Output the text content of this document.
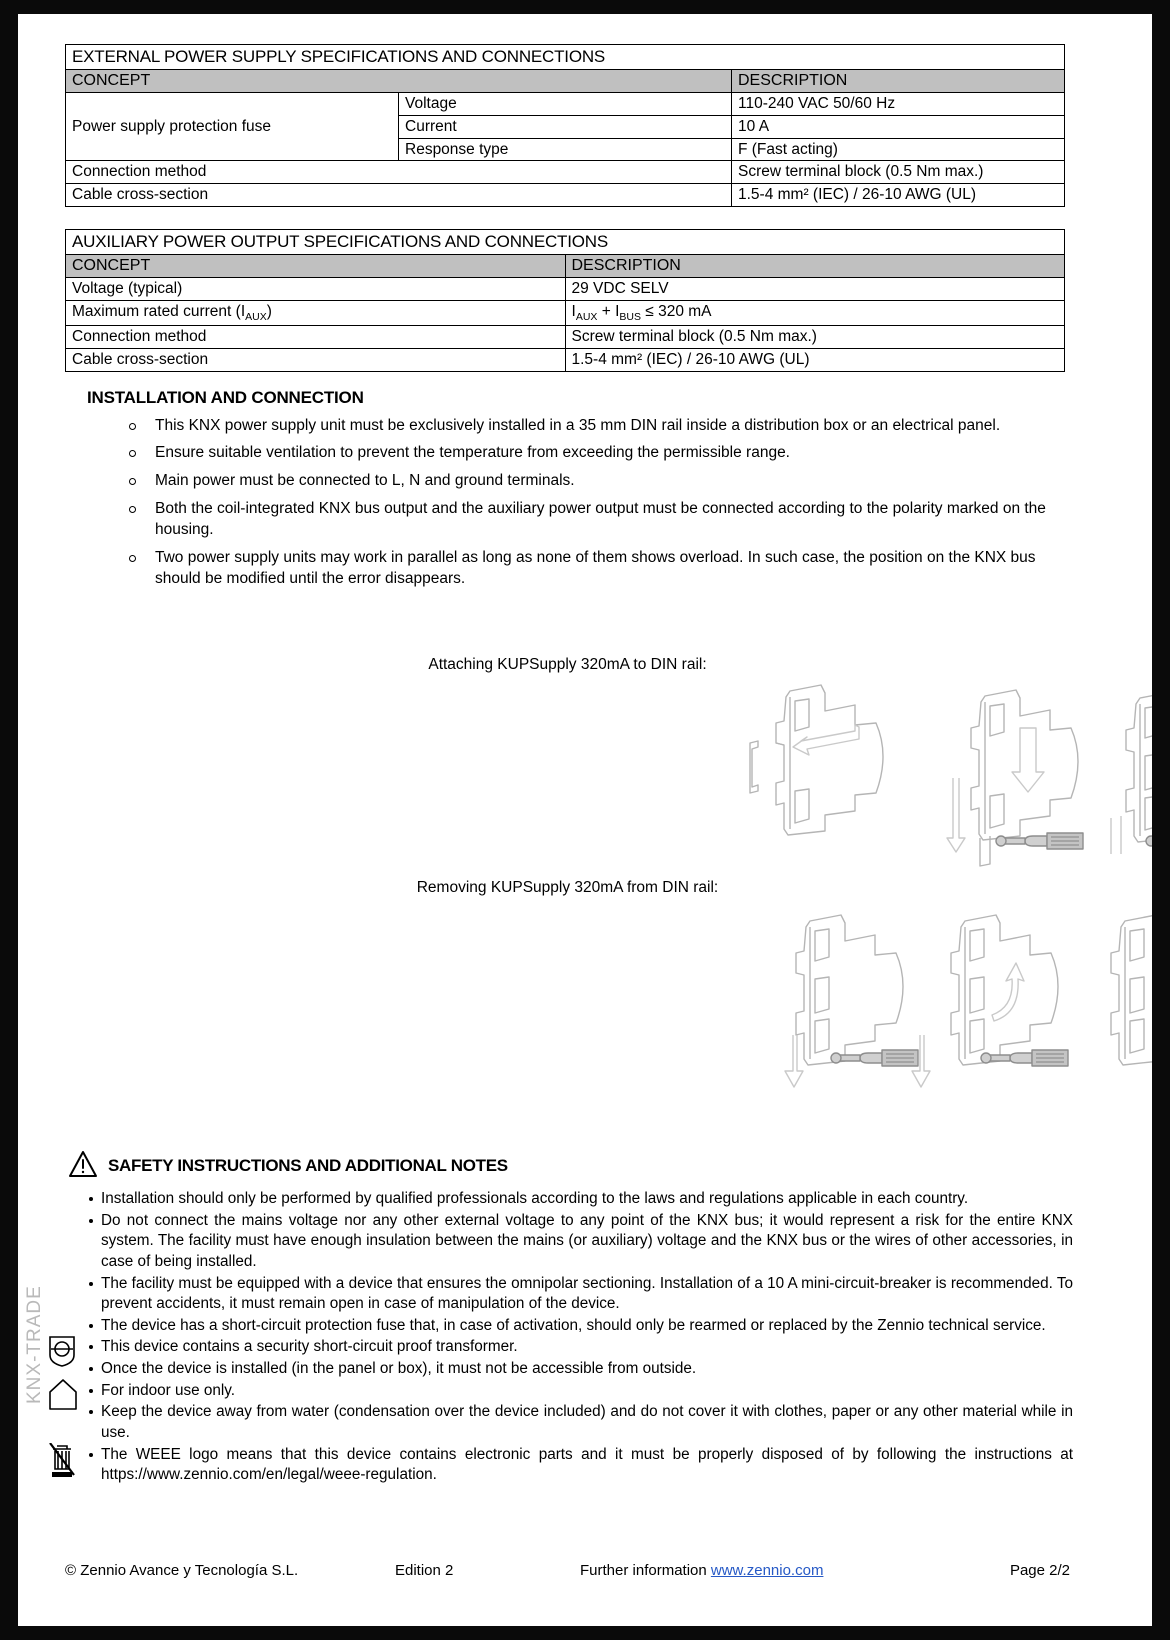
EXTERNAL POWER SUPPLY SPECIFICATIONS AND CONNECTIONS		
CONCEPT		DESCRIPTION
Power supply protection fuse	Voltage	110-240 VAC 50/60 Hz
	Current	10 A
	Response type	F (Fast acting)
Connection method		Screw terminal block (0.5 Nm max.)
Cable cross-section		1.5-4 mm² (IEC) / 26-10 AWG (UL)
AUXILIARY POWER OUTPUT SPECIFICATIONS AND CONNECTIONS	
CONCEPT	DESCRIPTION
Voltage (typical)	29 VDC SELV
Maximum rated current $(I_{AUX})$	$I_{AUX} + I_{BUS} \le 320$ mA
Connection method	Screw terminal block (0.5 Nm max.)
Cable cross-section	1.5-4 mm² (IEC) / 26-10 AWG (UL)
INSTALLATION AND CONNECTION
This KNX power supply unit must be exclusively installed in a 35 mm DIN rail inside a distribution box or an electrical panel.
Ensure suitable ventilation to prevent the temperature from exceeding the permissible range.
Main power must be connected to L, N and ground terminals.
Both the coil-integrated KNX bus output and the auxiliary power output must be connected according to the polarity marked on the housing.
Two power supply units may work in parallel as long as none of them shows overload. In such case, the position on the KNX bus should be modified until the error disappears.
Attaching KUPSupply 320mA to DIN rail:
Removing KUPSupply 320mA from DIN rail:
SAFETY INSTRUCTIONS AND ADDITIONAL NOTES
Installation should only be performed by qualified professionals according to the laws and regulations applicable in each country.
Do not connect the mains voltage nor any other external voltage to any point of the KNX bus; it would represent a risk for the entire KNX system. The facility must have enough insulation between the mains (or auxiliary) voltage and the KNX bus or the wires of other accessories, in case of being installed.
The facility must be equipped with a device that ensures the omnipolar sectioning. Installation of a 10 A mini-circuit-breaker is recommended. To prevent accidents, it must remain open in case of manipulation of the device.
The device has a short-circuit protection fuse that, in case of activation, should only be rearmed or replaced by the Zennio technical service.
This device contains a security short-circuit proof transformer.
Once the device is installed (in the panel or box), it must not be accessible from outside.
For indoor use only.
Keep the device away from water (condensation over the device included) and do not cover it with clothes, paper or any other material while in use.
The WEEE logo means that this device contains electronic parts and it must be properly disposed of by following the instructions at https://www.zennio.com/en/legal/weee-regulation.
KNX-TRADE
© Zennio Avance y Tecnología S.L.	Edition 2	Further information www.zennio.com	Page 2/2
